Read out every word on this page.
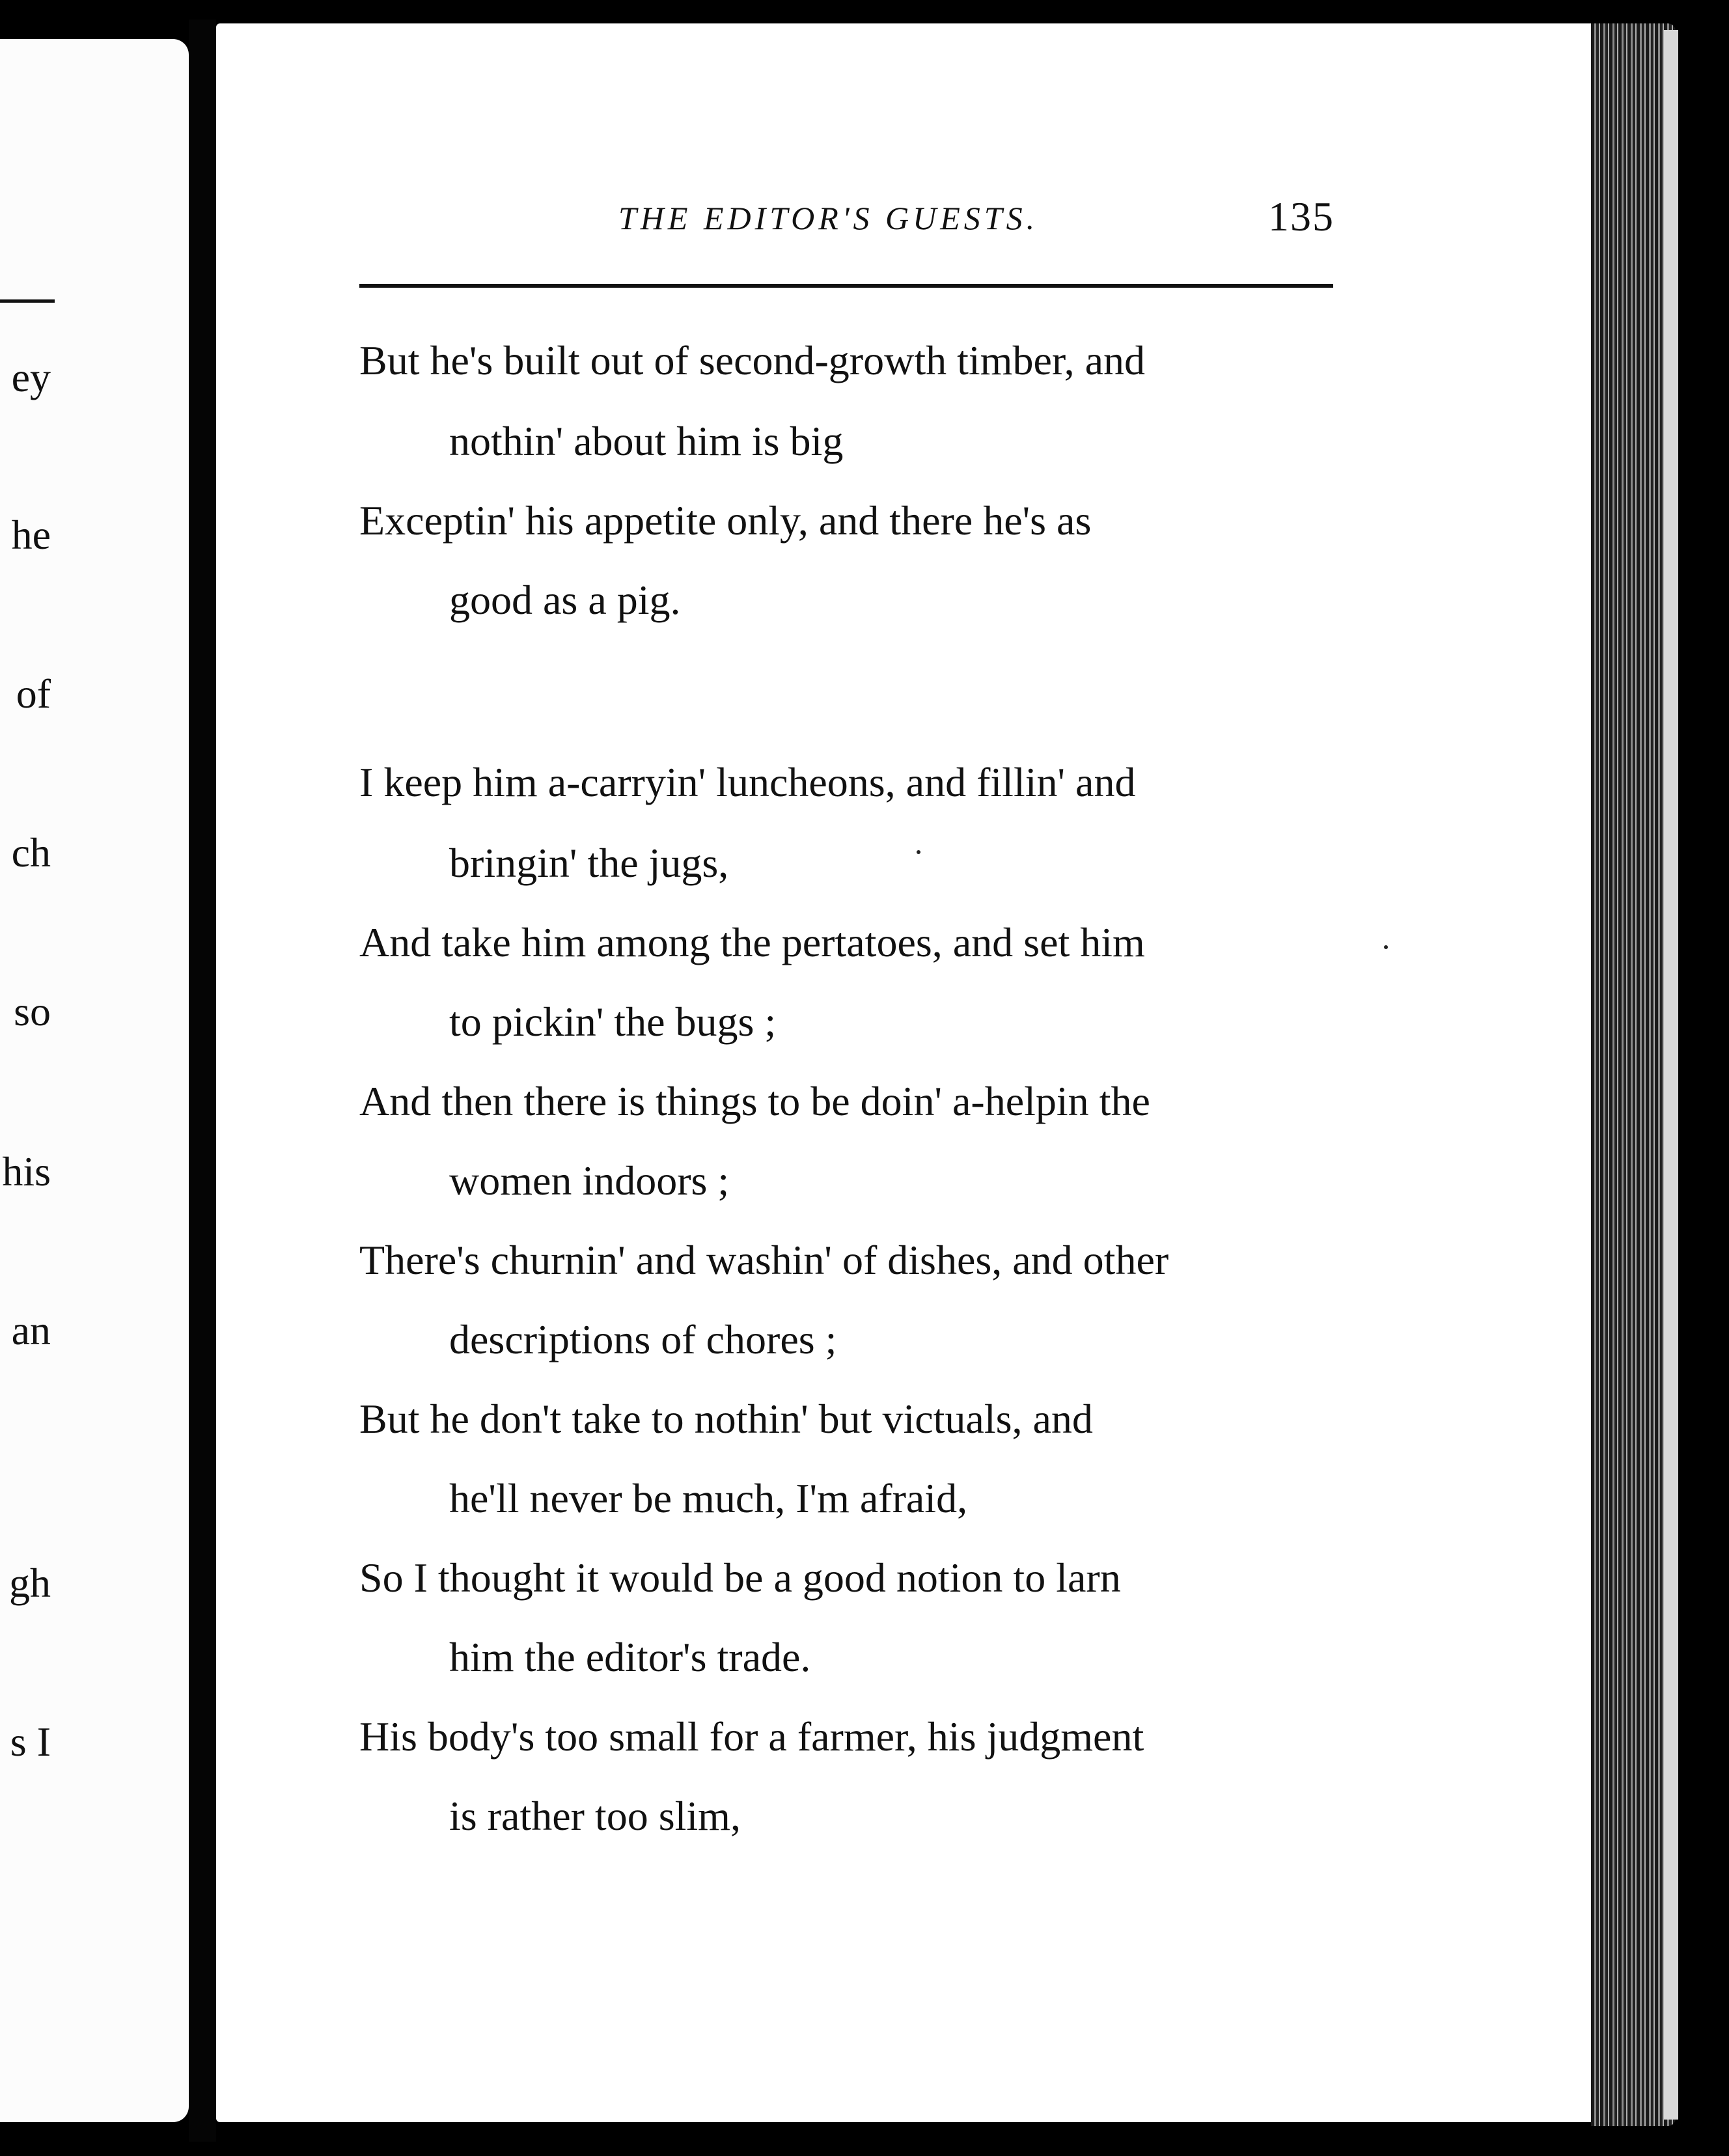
ey
he
of
ch
so
his
an
gh
s I
THE EDITOR'S GUESTS.	135
But he's built out of second-growth timber, and
nothin' about him is big
Exceptin' his appetite only, and there he's as
good as a pig.
I keep him a-carryin' luncheons, and fillin' and
bringin' the jugs,
And take him among the pertatoes, and set him
to pickin' the bugs ;
And then there is things to be doin' a-helpin the
women indoors ;
There's churnin' and washin' of dishes, and other
descriptions of chores ;
But he don't take to nothin' but victuals, and
he'll never be much, I'm afraid,
So I thought it would be a good notion to larn
him the editor's trade.
His body's too small for a farmer, his judgment
is rather too slim,
